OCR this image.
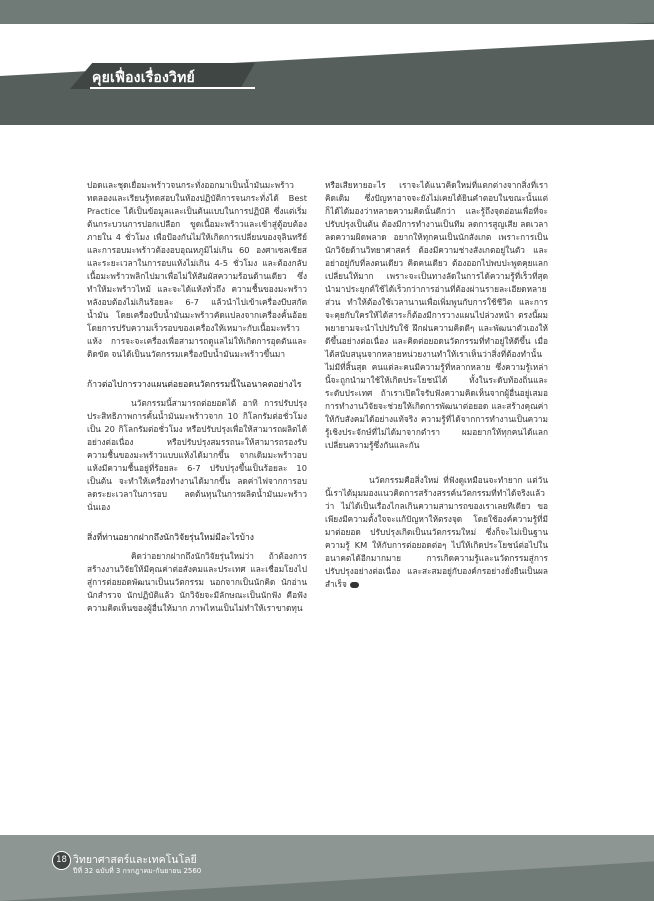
คุยเฟื่องเรื่องวิทย์

ปอดและชุดเยื่อมะพร้าวจนกระทั่งออกมาเป็นน้ำมันมะพร้าวทดลองและเรียนรู้ทดสอบในห้องปฏิบัติการจนกระทั่งได้ Best Practice ได้เป็นข้อมูลและเป็นต้นแบบในการปฏิบัติ ซึ่งแต่เริ่มต้นกระบวนการปอกเปลือก ขูดเนื้อมะพร้าวและเข้าสู่ตู้อบต้องภายใน 4 ชั่วโมง เพื่อป้องกันไม่ให้เกิดการเปลี่ยนของจุลินทรีย์ และการอบมะพร้าวต้องอบอุณหภูมิไม่เกิน 60 องศาเซลเซียส และระยะเวลาในการอบแห้งไม่เกิน 4-5 ชั่วโมง และต้องกลับเนื้อมะพร้าวพลิกไปมาเพื่อไม่ให้สัมผัสความร้อนด้านเดียว ซึ่งทำให้มะพร้าวไหม้ และจะได้แห้งทั่วถึง ความชื้นของมะพร้าวหลังอบต้องไม่เกินร้อยละ 6-7 แล้วนำไปเข้าเครื่องบีบสกัดน้ำมัน โดยเครื่องบีบน้ำมันมะพร้าวคัดแปลงจากเครื่องคั้นอ้อย โดยการปรับความเร็วรอบของเครื่องให้เหมาะกับเนื้อมะพร้าวแห้ง การจะจะเครื่องเพื่อสามารถดูแลไม่ให้เกิดการอุดตันและติดขัด จนได้เป็นนวัตกรรมเครื่องบีบน้ำมันมะพร้าวขึ้นมา

ก้าวต่อไปการวางแผนต่อยอดนวัตกรรมนี้ในอนาคตอย่างไร

นวัตกรรมนี้สามารถต่อยอดได้ อาทิ การปรับปรุงประสิทธิภาพการคั้นน้ำมันมะพร้าวจาก 10 กิโลกรัมต่อชั่วโมง เป็น 20 กิโลกรัมต่อชั่วโมง หรือปรับปรุงเพื่อให้สามารถผลิตได้อย่างต่อเนื่อง หรือปรับปรุงสมรรถนะให้สามารถรองรับความชื้นของมะพร้าวแบบแห้งได้มากขึ้น จากเดิมมะพร้าวอบแห้งมีความชื้นอยู่ที่ร้อยละ 6-7 ปรับปรุงขึ้นเป็นร้อยละ 10 เป็นต้น จะทำให้เครื่องทำงานได้มากขึ้น ลดค่าไฟจากการอบลดระยะเวลาในการอบ ลดต้นทุนในการผลิตน้ำมันมะพร้าวนั่นเอง

สิ่งที่ท่านอยากฝากถึงนักวิจัยรุ่นใหม่มีอะไรบ้าง

คิดว่าอยากฝากถึงนักวิจัยรุ่นใหม่ว่า ถ้าต้องการสร้างงานวิจัยให้มีคุณค่าต่อสังคมและประเทศ และเชื่อมโยงไปสู่การต่อยอดพัฒนาเป็นนวัตกรรม นอกจากเป็นนักคิด นักอ่าน นักสำรวจ นักปฏิบัติแล้ว นักวิจัยจะมีลักษณะเป็นนักฟัง คือฟังความคิดเห็นของผู้อื่นให้มาก ภาพไหนเป็นไม่ทำให้เราขาดทุน

หรือเสียหายอะไร เราจะได้แนวคิดใหม่ที่แตกต่างจากสิ่งที่เราคิดเดิม ซึ่งปัญหาอาจจะยังไม่เคยได้ยินคำตอบในขณะนั้นแต่ก็ได้ได้มองว่าหลายความคิดนั้นดีกว่า และรู้ถึงจุดอ่อนเพื่อที่จะปรับปรุงเป็นต้น ต้องมีการทำงานเป็นทีม ลดการสูญเสีย ลดเวลา ลดความผิดพลาด อยากให้ทุกคนเป็นนักสังเกต เพราะการเป็นนักวิจัยด้านวิทยาศาสตร์ ต้องมีความช่างสังเกตอยู่ในตัว และอย่าอยู่กับที่ลงตนเดียว คิดคนเดียว ต้องออกไปพบปะพูดคุยแลกเปลี่ยนให้มาก เพราะจะเป็นทางลัดในการได้ความรู้ที่เร็วที่สุด นำมาประยุกต์ใช้ได้เร็วกว่าการอ่านที่ต้องผ่านรายละเอียดหลายส่วน ทำให้ต้องใช้เวลานานเพื่อเพิ่มพูนกับการใช้ชีวิต และการจะคุยกับใครให้ได้สาระก็ต้องมีการวางแผนไปล่วงหน้า ตรงนี้ผมพยายามจะนำไปปรับใช้ ฝึกฝนความคิดดีๆ และพัฒนาตัวเองให้ดีขึ้นอย่างต่อเนื่อง และคิดต่อยอดนวัตกรรมที่ทำอยู่ให้ดีขึ้น เมื่อได้สนับสนุนจากหลายหน่วยงานทำให้เราเห็นว่าสิ่งที่ต้องทำนั้นไม่มีที่สิ้นสุด คนแต่ละคนมีความรู้ที่หลากหลาย ซึ่งความรู้เหล่านี้จะถูกนำมาใช้ให้เกิดประโยชน์ได้ ทั้งในระดับท้องถิ่นและระดับประเทศ ถ้าเราเปิดใจรับฟังความคิดเห็นจากผู้อื่นอยู่เสมอ การทำงานวิจัยจะช่วยให้เกิดการพัฒนาต่อยอด และสร้างคุณค่าให้กับสังคมได้อย่างแท้จริง ความรู้ที่ได้จากการทำงานเป็นความรู้เชิงประจักษ์ที่ไม่ได้มาจากตำรา ผมอยากให้ทุกคนได้แลกเปลี่ยนความรู้ซึ่งกันและกัน

นวัตกรรมคือสิ่งใหม่ ที่ฟังดูเหมือนจะทำยาก แต่วันนี้เราได้มุมมองแนวคิดการสร้างสรรค์นวัตกรรมที่ทำได้จริงแล้วว่า ไม่ได้เป็นเรื่องไกลเกินความสามารถของเราเลยทีเดียว ขอเพียงมีความตั้งใจจะแก้ปัญหาให้ตรงจุด โดยใช้องค์ความรู้ที่มีมาต่อยอด ปรับปรุงเกิดเป็นนวัตกรรมใหม่ ซึ่งก็จะไม่เป็นฐานความรู้ KM ให้กับการต่อยอดต่อๆ ไปให้เกิดประโยชน์ต่อไปในอนาคตได้อีกมากมาย การเกิดความรู้และนวัตกรรมสู่การปรับปรุงอย่างต่อเนื่อง และสะสมอยู่กับองค์กรอย่างยั่งยืนเป็นผลสำเร็จ

18 วิทยาศาสตร์และเทคโนโลยี
ปีที่ 32 ฉบับที่ 3 กรกฎาคม-กันยายน 2560
